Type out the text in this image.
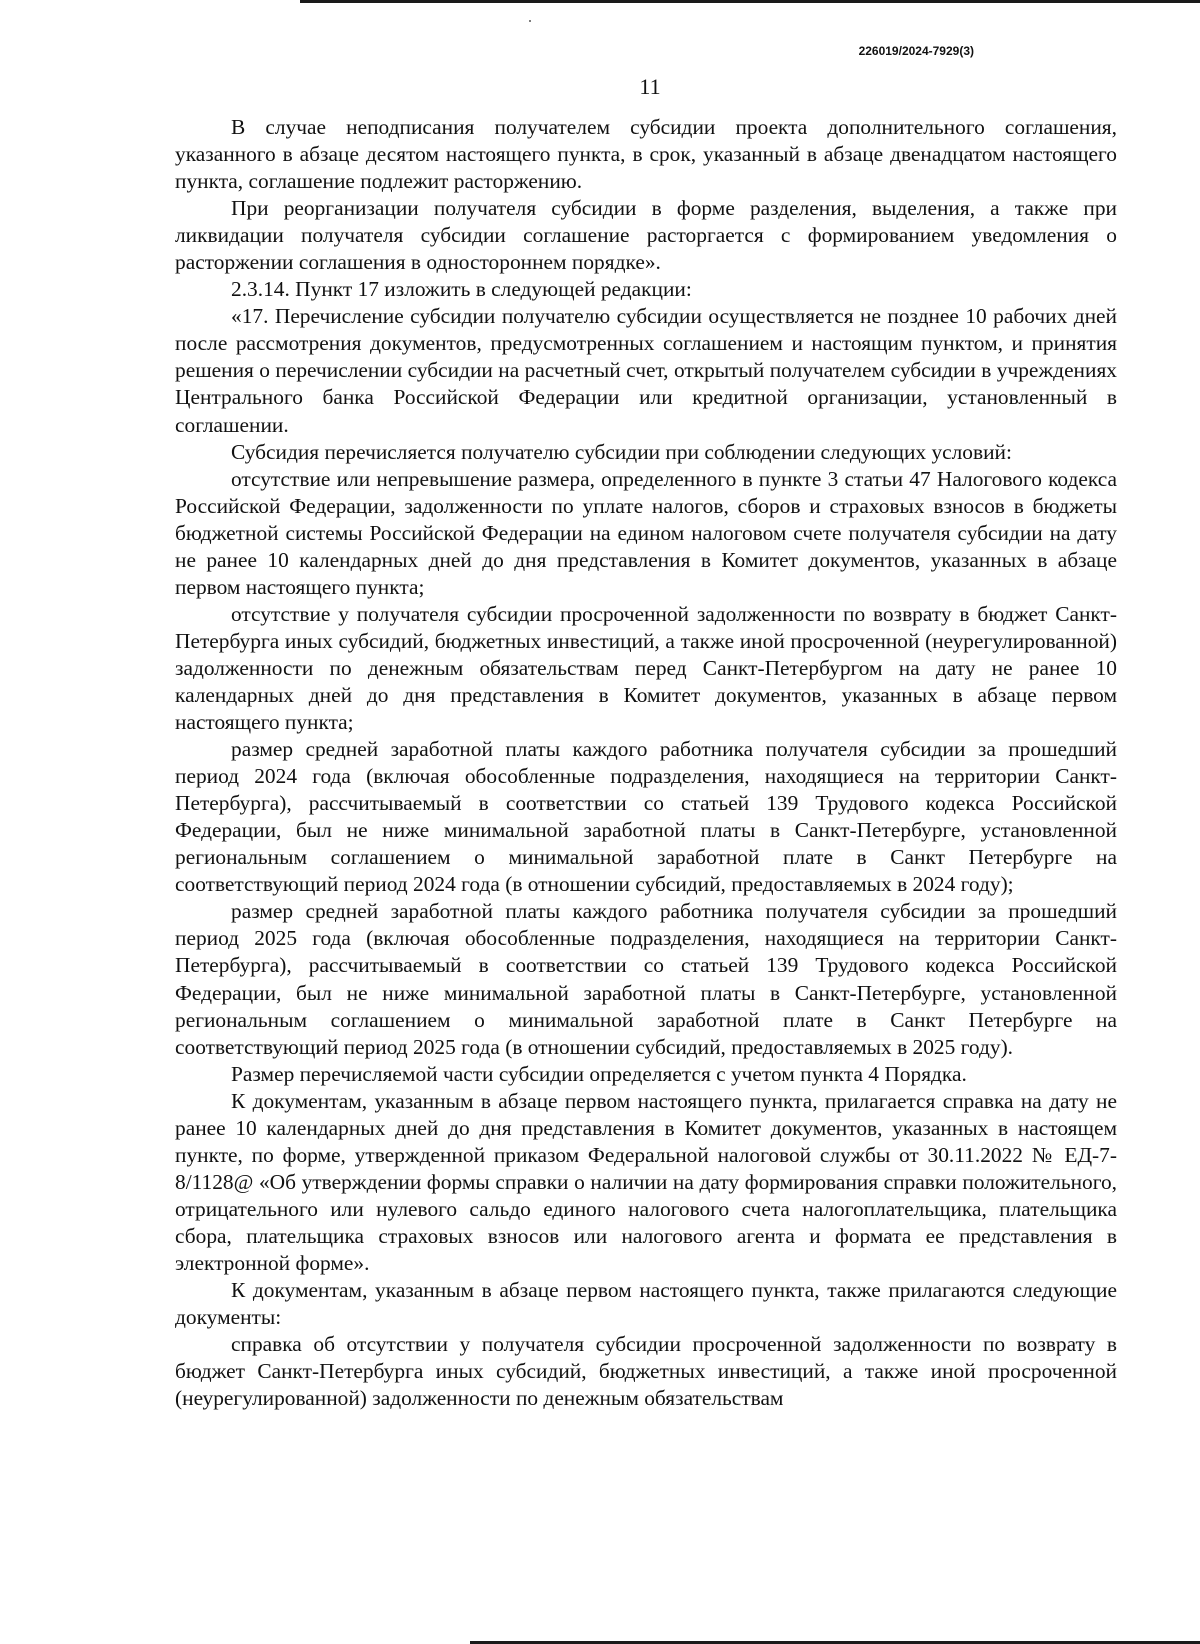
226019/2024-7929(3)
11

В случае неподписания получателем субсидии проекта дополнительного соглашения, указанного в абзаце десятом настоящего пункта, в срок, указанный в абзаце двенадцатом настоящего пункта, соглашение подлежит расторжению.

При реорганизации получателя субсидии в форме разделения, выделения, а также при ликвидации получателя субсидии соглашение расторгается с формированием уведомления о расторжении соглашения в одностороннем порядке».

2.3.14. Пункт 17 изложить в следующей редакции:

«17. Перечисление субсидии получателю субсидии осуществляется не позднее 10 рабочих дней после рассмотрения документов, предусмотренных соглашением и настоящим пунктом, и принятия решения о перечислении субсидии на расчетный счет, открытый получателем субсидии в учреждениях Центрального банка Российской Федерации или кредитной организации, установленный в соглашении.

Субсидия перечисляется получателю субсидии при соблюдении следующих условий:

отсутствие или непревышение размера, определенного в пункте 3 статьи 47 Налогового кодекса Российской Федерации, задолженности по уплате налогов, сборов и страховых взносов в бюджеты бюджетной системы Российской Федерации на едином налоговом счете получателя субсидии на дату не ранее 10 календарных дней до дня представления в Комитет документов, указанных в абзаце первом настоящего пункта;

отсутствие у получателя субсидии просроченной задолженности по возврату в бюджет Санкт-Петербурга иных субсидий, бюджетных инвестиций, а также иной просроченной (неурегулированной) задолженности по денежным обязательствам перед Санкт-Петербургом на дату не ранее 10 календарных дней до дня представления в Комитет документов, указанных в абзаце первом настоящего пункта;

размер средней заработной платы каждого работника получателя субсидии за прошедший период 2024 года (включая обособленные подразделения, находящиеся на территории Санкт-Петербурга), рассчитываемый в соответствии со статьей 139 Трудового кодекса Российской Федерации, был не ниже минимальной заработной платы в Санкт-Петербурге, установленной региональным соглашением о минимальной заработной плате в Санкт Петербурге на соответствующий период 2024 года (в отношении субсидий, предоставляемых в 2024 году);

размер средней заработной платы каждого работника получателя субсидии за прошедший период 2025 года (включая обособленные подразделения, находящиеся на территории Санкт-Петербурга), рассчитываемый в соответствии со статьей 139 Трудового кодекса Российской Федерации, был не ниже минимальной заработной платы в Санкт-Петербурге, установленной региональным соглашением о минимальной заработной плате в Санкт Петербурге на соответствующий период 2025 года (в отношении субсидий, предоставляемых в 2025 году).

Размер перечисляемой части субсидии определяется с учетом пункта 4 Порядка.

К документам, указанным в абзаце первом настоящего пункта, прилагается справка на дату не ранее 10 календарных дней до дня представления в Комитет документов, указанных в настоящем пункте, по форме, утвержденной приказом Федеральной налоговой службы от 30.11.2022 № ЕД-7-8/1128@ «Об утверждении формы справки о наличии на дату формирования справки положительного, отрицательного или нулевого сальдо единого налогового счета налогоплательщика, плательщика сбора, плательщика страховых взносов или налогового агента и формата ее представления в электронной форме».

К документам, указанным в абзаце первом настоящего пункта, также прилагаются следующие документы:

справка об отсутствии у получателя субсидии просроченной задолженности по возврату в бюджет Санкт-Петербурга иных субсидий, бюджетных инвестиций, а также иной просроченной (неурегулированной) задолженности по денежным обязательствам
